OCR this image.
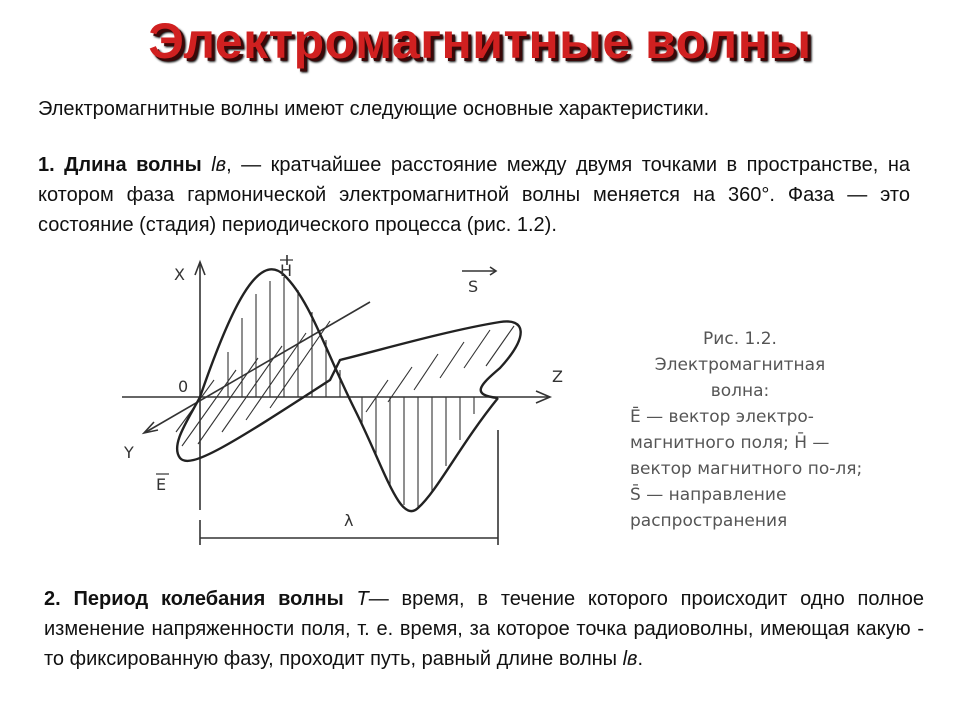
Электромагнитные волны
Электромагнитные волны имеют следующие основные характеристики.
1. Длина волны lв, — кратчайшее расстояние между двумя точками в пространстве, на котором фаза гармонической электромагнитной волны меняется на 360°. Фаза — это состояние (стадия) периодического процесса (рис. 1.2).
X
Y
Z
0
H
E
S
λ
Рис. 1.2.
Электромагнитная
волна:
Ē — вектор электро-
магнитного поля; H̄ —
вектор магнитного по-ля;
S̄ — направление
распространения
2. Период колебания волны T— время, в течение которого происходит одно полное изменение напряженности поля, т. е. время, за которое точка радиоволны, имеющая какую - то фиксированную фазу, проходит путь, равный длине волны lв.
